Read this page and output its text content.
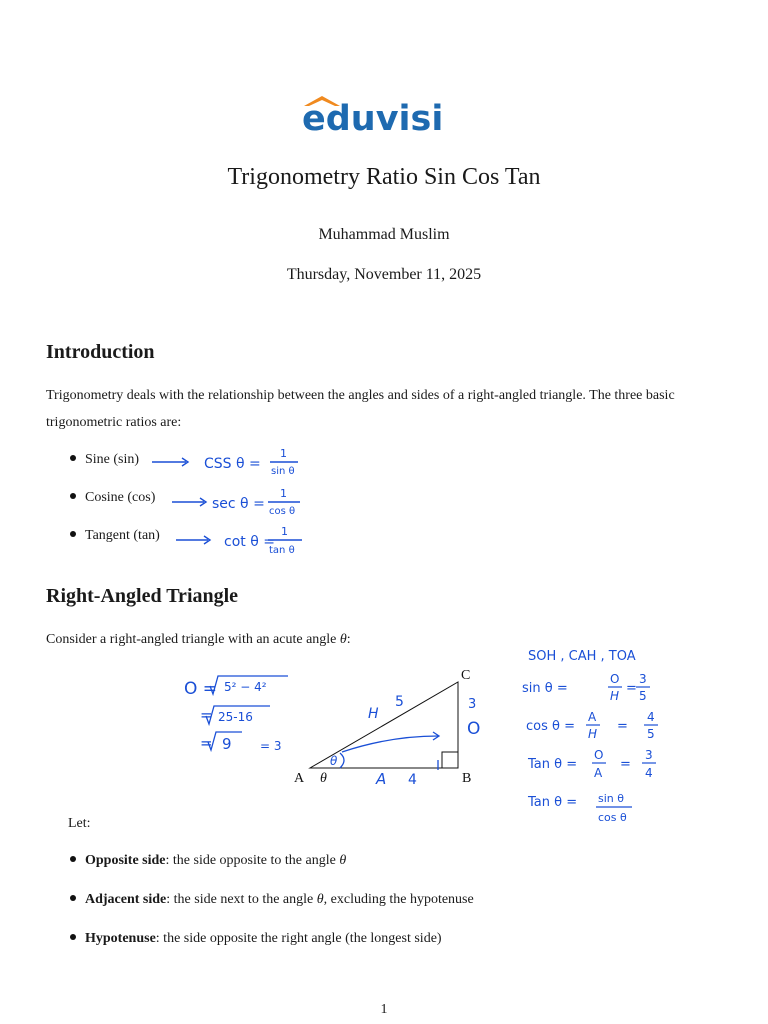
eduvisi
Trigonometry Ratio Sin Cos Tan
Muhammad Muslim
Thursday, November 11, 2025
Introduction
Trigonometry deals with the relationship between the angles and sides of a right-angled triangle. The three basic trigonometric ratios are:
Sine (sin)
Cosine (cos)
Tangent (tan)
CSS θ =
1
sin θ
sec θ =
1
cos θ
cot θ =
1
tan θ
Right-Angled Triangle
Consider a right-angled triangle with an acute angle θ:
A θ	B
C
H
5	3
O
A 4
θ
O = 5² − 4²
= 25-16
= 9 = 3
SOH , CAH , TOA
sin θ =
O
H =
3
5
cos θ =
A
H =
4
5
Tan θ =
O
A
=
3
4
Tan θ = sin θ
cos θ
Let:
Opposite side: the side opposite to the angle θ
Adjacent side: the side next to the angle θ, excluding the hypotenuse
Hypotenuse: the side opposite the right angle (the longest side)
1
